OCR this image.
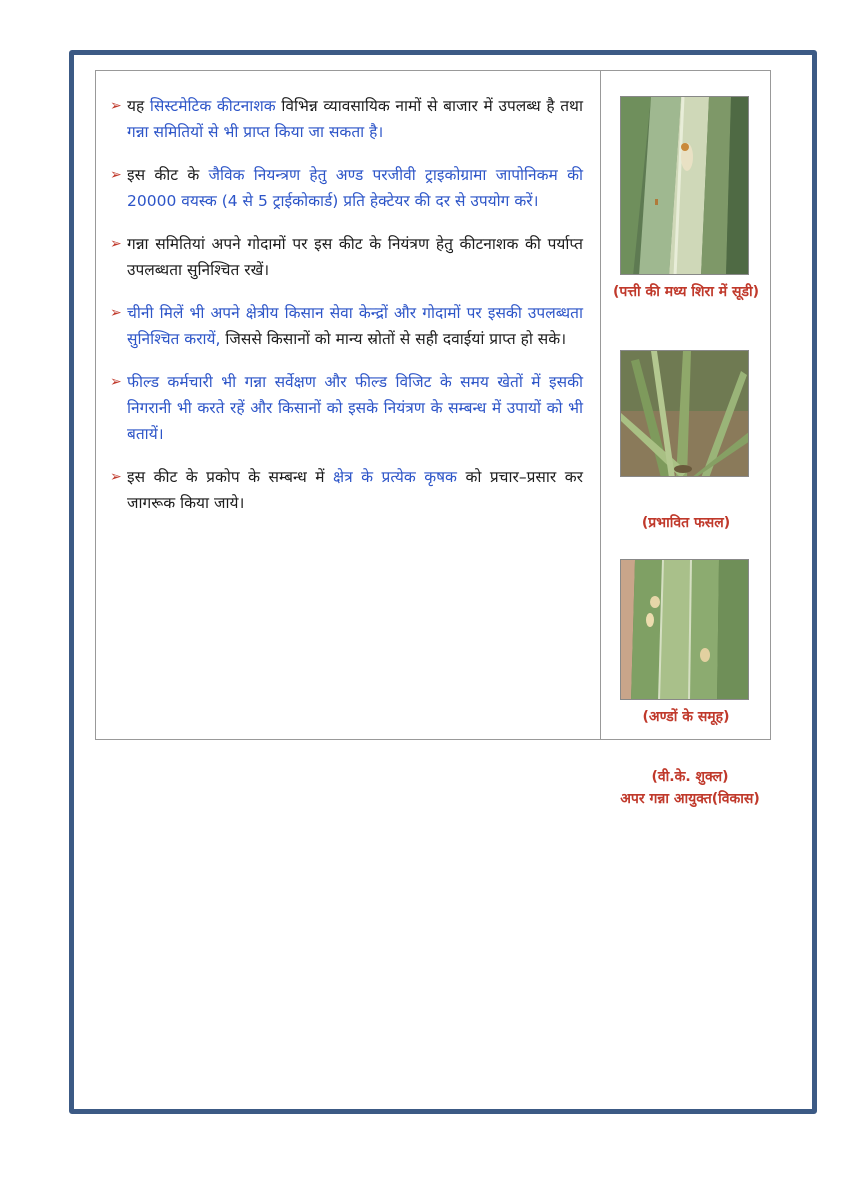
➢ यह सिस्टमेटिक कीटनाशक विभिन्न व्यावसायिक नामों से बाजार में उपलब्ध है तथा गन्ना समितियों से भी प्राप्त किया जा सकता है।
➢ इस कीट के जैविक नियन्त्रण हेतु अण्ड परजीवी ट्राइकोग्रामा जापोनिकम की 20000 वयस्क (4 से 5 ट्राईकोकार्ड) प्रति हेक्टेयर की दर से उपयोग करें।
➢ गन्ना समितियां अपने गोदामों पर इस कीट के नियंत्रण हेतु कीटनाशक की पर्याप्त उपलब्धता सुनिश्चित रखें।
➢ चीनी मिलें भी अपने क्षेत्रीय किसान सेवा केन्द्रों और गोदामों पर इसकी उपलब्धता सुनिश्चित करायें, जिससे किसानों को मान्य स्रोतों से सही दवाईयां प्राप्त हो सके।
➢ फील्ड कर्मचारी भी गन्ना सर्वेक्षण और फील्ड विजिट के समय खेतों में इसकी निगरानी भी करते रहें और किसानों को इसके नियंत्रण के सम्बन्ध में उपायों को भी बतायें।
➢ इस कीट के प्रकोप के सम्बन्ध में क्षेत्र के प्रत्येक कृषक को प्रचार–प्रसार कर जागरूक किया जाये।
(पत्ती की मध्य शिरा में सूडी)
(प्रभावित फसल)
(अण्डों के समूह)
(वी.के. शुक्ल)
अपर गन्ना आयुक्त(विकास)
